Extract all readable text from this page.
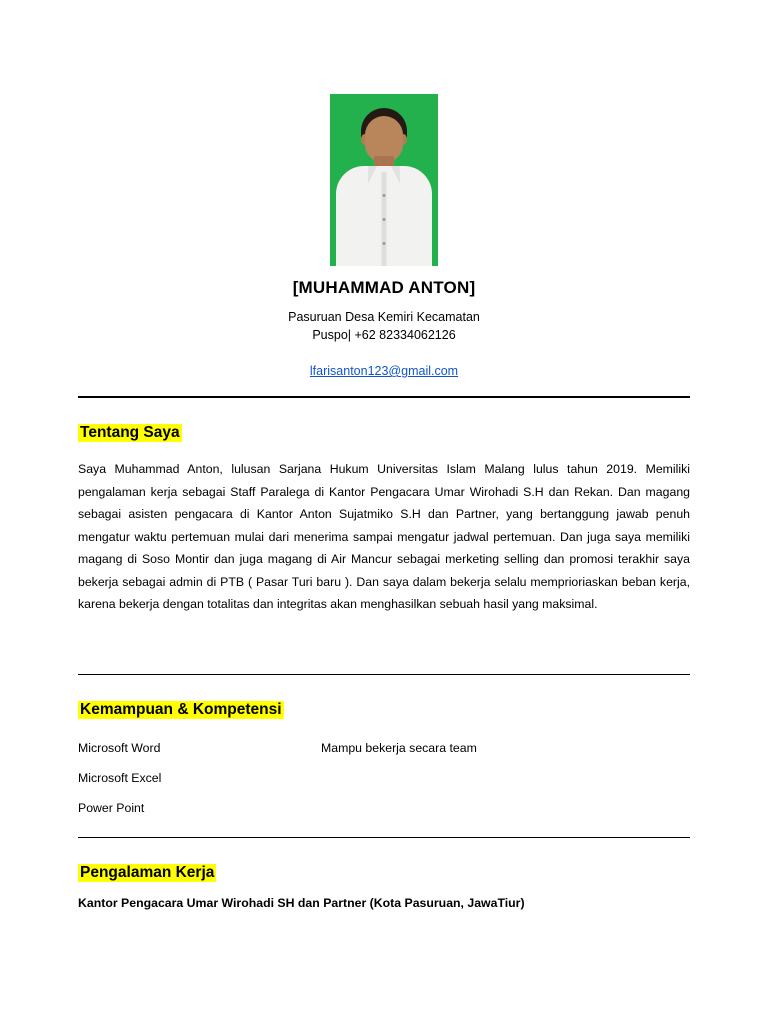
[MUHAMMAD ANTON]
Pasuruan Desa Kemiri Kecamatan
Puspo| +62 82334062126
lfarisanton123@gmail.com
Tentang Saya
Saya Muhammad Anton, lulusan Sarjana Hukum Universitas Islam Malang lulus tahun 2019. Memiliki pengalaman kerja sebagai Staff Paralega di Kantor Pengacara Umar Wirohadi S.H dan Rekan. Dan magang sebagai asisten pengacara di Kantor Anton Sujatmiko S.H dan Partner, yang bertanggung jawab penuh mengatur waktu pertemuan mulai dari menerima sampai mengatur jadwal pertemuan. Dan juga saya memiliki magang di Soso Montir dan juga magang di Air Mancur sebagai merketing selling dan promosi terakhir saya bekerja sebagai admin di PTB ( Pasar Turi baru ). Dan saya dalam bekerja selalu memprioriaskan beban kerja, karena bekerja dengan totalitas dan integritas akan menghasilkan sebuah hasil yang maksimal.
Kemampuan & Kompetensi
Microsoft Word
Microsoft Excel
Power Point
Mampu bekerja secara team
Pengalaman Kerja
Kantor Pengacara Umar Wirohadi SH dan Partner (Kota Pasuruan, JawaTiur)
